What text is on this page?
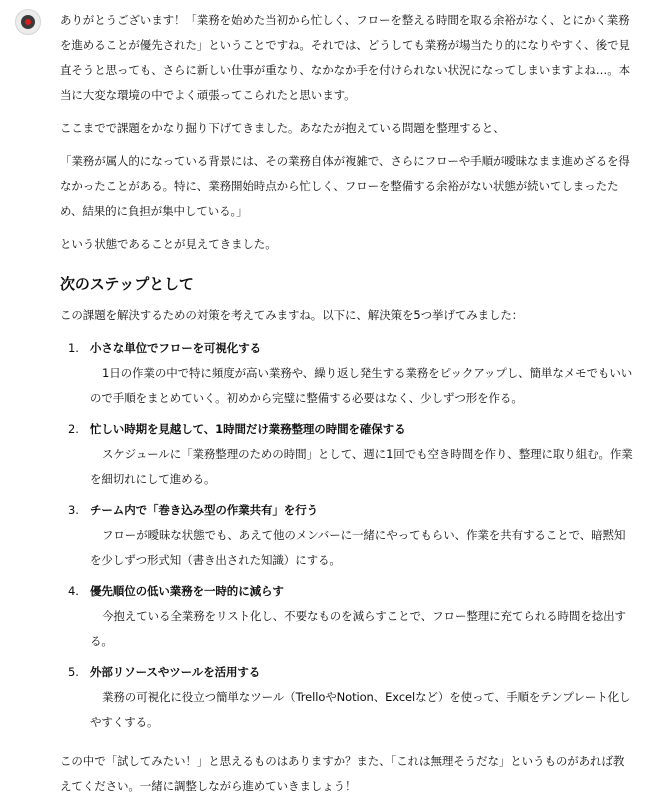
ありがとうございます！「業務を始めた当初から忙しく、フローを整える時間を取る余裕がなく、とにかく業務を進めることが優先された」ということですね。それでは、どうしても業務が場当たり的になりやすく、後で見直そうと思っても、さらに新しい仕事が重なり、なかなか手を付けられない状況になってしまいますよね…。本当に大変な環境の中でよく頑張ってこられたと思います。

ここまでで課題をかなり掘り下げてきました。あなたが抱えている問題を整理すると、

「業務が属人的になっている背景には、その業務自体が複雑で、さらにフローや手順が曖昧なまま進めざるを得なかったことがある。特に、業務開始時点から忙しく、フローを整備する余裕がない状態が続いてしまったため、結果的に負担が集中している。」

という状態であることが見えてきました。

次のステップとして

この課題を解決するための対策を考えてみますね。以下に、解決策を5つ挙げてみました：

1. 小さな単位でフローを可視化する
1日の作業の中で特に頻度が高い業務や、繰り返し発生する業務をピックアップし、簡単なメモでもいいので手順をまとめていく。初めから完璧に整備する必要はなく、少しずつ形を作る。
2. 忙しい時期を見越して、1時間だけ業務整理の時間を確保する
スケジュールに「業務整理のための時間」として、週に1回でも空き時間を作り、整理に取り組む。作業を細切れにして進める。
3. チーム内で「巻き込み型の作業共有」を行う
フローが曖昧な状態でも、あえて他のメンバーに一緒にやってもらい、作業を共有することで、暗黙知を少しずつ形式知（書き出された知識）にする。
4. 優先順位の低い業務を一時的に減らす
今抱えている全業務をリスト化し、不要なものを減らすことで、フロー整理に充てられる時間を捻出する。
5. 外部リソースやツールを活用する
業務の可視化に役立つ簡単なツール（TrelloやNotion、Excelなど）を使って、手順をテンプレート化しやすくする。

この中で「試してみたい！」と思えるものはありますか？また、「これは無理そうだな」というものがあれば教えてください。一緒に調整しながら進めていきましょう！
